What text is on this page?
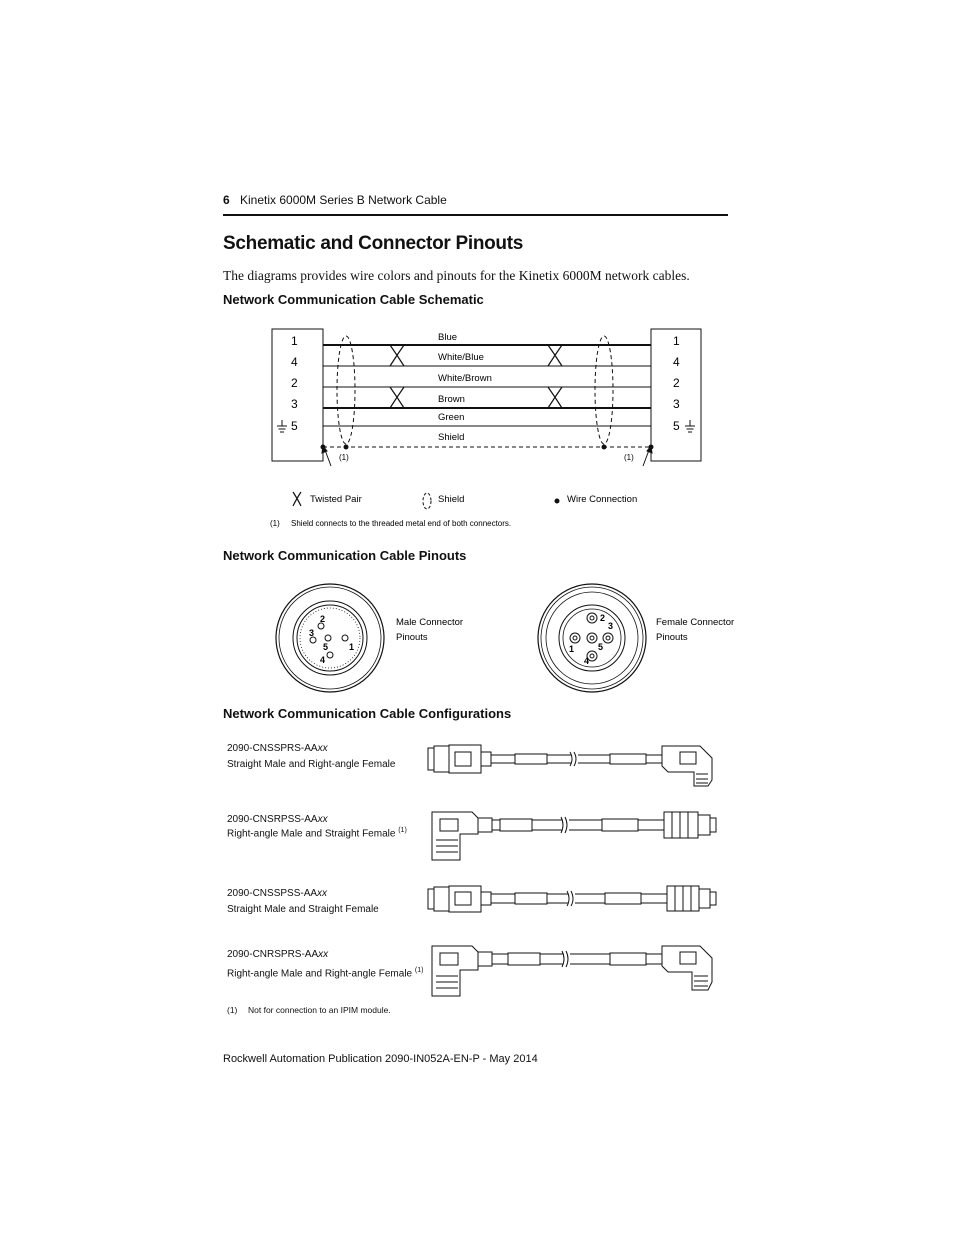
6 Kinetix 6000M Series B Network Cable
Schematic and Connector Pinouts
The diagrams provides wire colors and pinouts for the Kinetix 6000M network cables.
Network Communication Cable Schematic
1
4
2
3
5
1
4
2
3
5
Blue
White/Blue
White/Brown
Brown
Green
Shield
(1)	(1)
Twisted Pair	Shield	Wire Connection
(1) Shield connects to the threaded metal end of both connectors.
2
3
5 1
4
Male Connector
Pinouts
2
3
1	5
4
Female Connector
Pinouts
Network Communication Cable Pinouts
Network Communication Cable Configurations
2090-CNSSPRS-AAxx
Straight Male and Right-angle Female
2090-CNSRPSS-AAxx
Right-angle Male and Straight Female $^{(1)}$
2090-CNSSPSS-AAxx
Straight Male and Straight Female
2090-CNRSPRS-AAxx
Right-angle Male and Right-angle Female $^{(1)}$
(1) Not for connection to an IPIM module.
Rockwell Automation Publication 2090-IN052A-EN-P - May 2014
